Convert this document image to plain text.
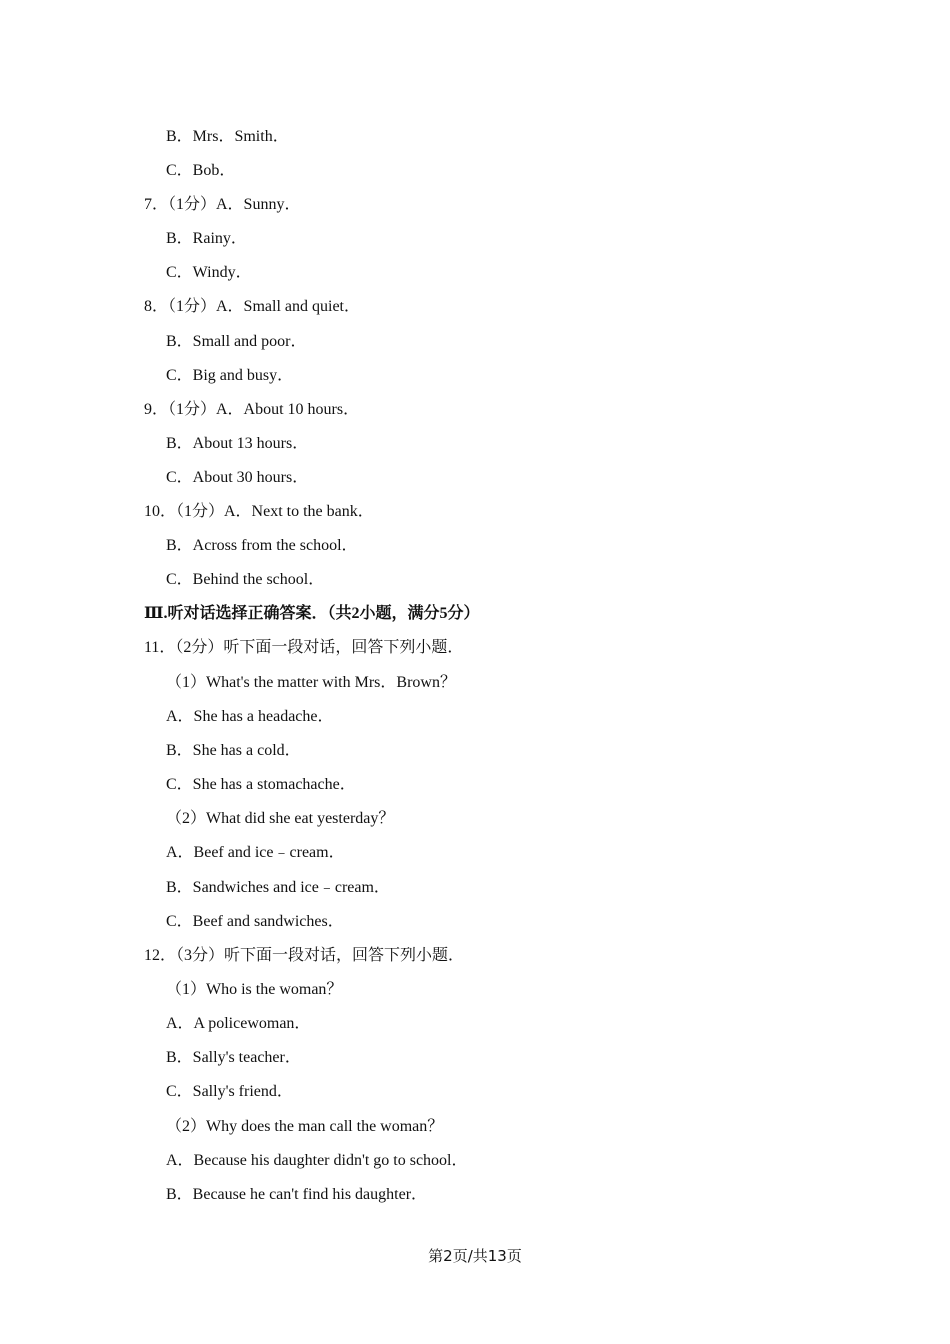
B．Mrs．Smith．
C．Bob．
7．（1分）A．Sunny．
B．Rainy．
C．Windy．
8．（1分）A．Small and quiet．
B．Small and poor．
C．Big and busy．
9．（1分）A．About 10 hours．
B．About 13 hours．
C．About 30 hours．
10．（1分）A．Next to the bank．
B．Across from the school．
C．Behind the school．
Ⅲ.听对话选择正确答案．（共2小题，满分5分）
11．（2分）听下面一段对话，回答下列小题．
（1）What's the matter with Mrs．Brown？
A．She has a headache．
B．She has a cold．
C．She has a stomachache．
（2）What did she eat yesterday？
A．Beef and ice﹣cream．
B．Sandwiches and ice﹣cream．
C．Beef and sandwiches．
12．（3分）听下面一段对话，回答下列小题．
（1）Who is the woman？
A．A policewoman．
B．Sally's teacher．
C．Sally's friend．
（2）Why does the man call the woman？
A．Because his daughter didn't go to school．
B．Because he can't find his daughter．
第2页/共13页
